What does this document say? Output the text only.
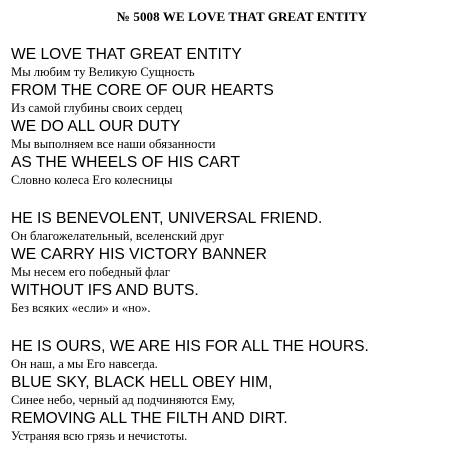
№ 5008 WE LOVE THAT GREAT ENTITY
WE LOVE THAT GREAT ENTITY
Мы любим ту Великую Сущность
FROM THE CORE OF OUR HEARTS
Из самой глубины своих сердец
WE DO ALL OUR DUTY
Мы выполняем все наши обязанности
AS THE WHEELS OF HIS CART
Словно колеса Его колесницы
HE IS BENEVOLENT, UNIVERSAL FRIEND.
Он благожелательный, вселенский друг
WE CARRY HIS VICTORY BANNER
Мы несем его победный флаг
WITHOUT IFS AND BUTS.
Без всяких «если» и «но».
HE IS OURS, WE ARE HIS FOR ALL THE HOURS.
Он наш, а мы Его навсегда.
BLUE SKY, BLACK HELL OBEY HIM,
Синее небо, черный ад подчиняются Ему,
REMOVING ALL THE FILTH AND DIRT.
Устраняя всю грязь и нечистоты.
